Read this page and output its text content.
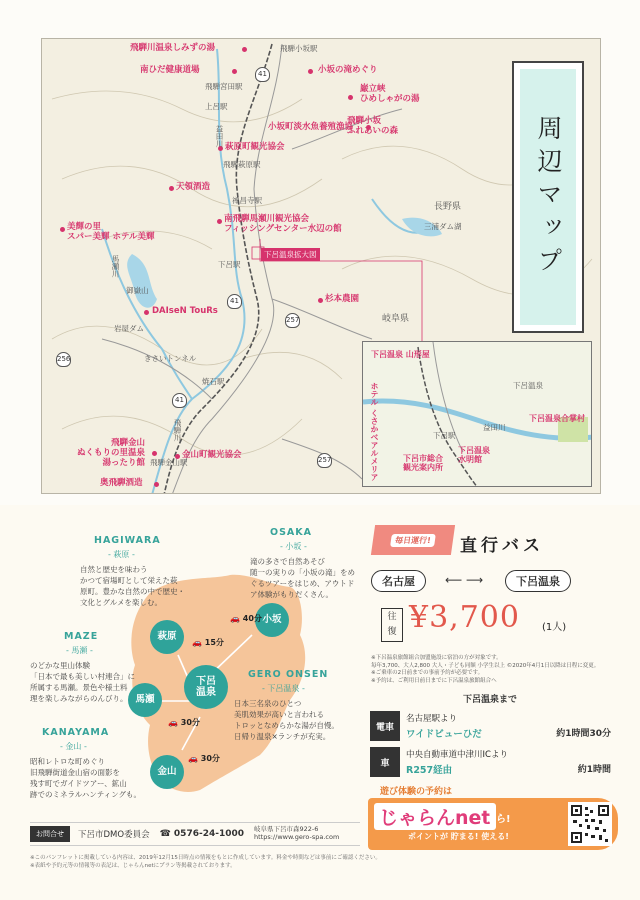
周辺マップ
飛騨川温泉しみずの湯
南ひだ健康道場	小坂の滝めぐり
巌立峡
ひめしゃがの湯
小坂町淡水魚養殖漁協
飛騨小坂
ふれあいの森
萩原町観光協会
天領酒造
南飛騨馬瀬川観光協会
フィッシングセンター水辺の館
美輝の里
スパー美輝 ホテル美輝
DAIseN TouRs
杉本農園
飛騨金山
ぬくもりの里温泉
湯ったり館
金山町観光協会
奥飛騨酒造
飛騨小坂駅
飛騨宮田駅
上呂駅
飛騨萩原駅
禅昌寺駅
下呂駅
焼石駅
飛騨金山駅
きさいトンネル
岩屋ダム
御嶽山
三浦ダム湖
長野県
岐阜県
益田川
馬瀬川
飛騨川
41
41
257
41
256
257
下呂温泉拡大図
下呂温泉 山形屋
下呂温泉合掌村
下呂市総合
観光案内所
下呂温泉
水明館
ホテル くさかべアルメリア	下呂駅
下呂温泉
益田川
HAGIWARA
- 萩原 -
自然と歴史を味わう
かつて宿場町として栄えた萩
原町。豊かな自然の中で歴史・
文化とグルメを楽しむ。
OSAKA
- 小坂 -
滝の多さで自然あそび
随一の実りの「小坂の滝」をめ
ぐるツアーをはじめ、アウトド
ア体験がもりだくさん。
MAZE
- 馬瀬 -
のどかな里山体験
「日本で最も美しい村連合」に
所属する馬瀬。景色や様土料
理を楽しみながらのんびり。
GERO ONSEN
- 下呂温泉 -
日本三名泉のひとつ
美肌効果が高いと言われる
トロッとなめらかな湯が自慢。
日帰り温泉×ランチが充実。
KANAYAMA
- 金山 -
昭和レトロな町めぐり
旧飛騨街道金山宿の面影を
残す町でガイドツアー、鉱山
跡でのミネラルハンティングも。
萩原
小坂
馬瀬
下呂
温泉
金山
🚗 40分
🚗 15分
🚗 30分
🚗 30分
お問合せ	下呂市DMO委員会 ☎ 0576-24-1000 岐阜県下呂市森922-6
https://www.gero-spa.com
※このパンフレットに掲載している内容は、2019年12月15日時点の情報をもとに作成しています。料金や時間などは事前にご確認ください。
※表紙や予約元等の情報等の表記は、じゃらんnetにプラン等掲載されております。
毎日運行! 直行バス
名古屋	⟵ ⟶	下呂温泉
往
復 ¥3,700 (1人)
※下呂温泉旅館組合加盟施設に宿泊の方が対象です。
毎年3,700、大人2,800 大人・子ども同額 小学生以上 ©2020年4月1日以降は日程に変更。
※ご乗車の2日前までの事前予約が必要です。
※予約は、ご利用日前日までに下呂温泉旅館組合へ
下呂温泉まで
電車
名古屋駅より
ワイドビューひだ	約1時間30分
車
中央自動車道中津川ICより
R257経由	約1時間
遊び体験の予約は
じゃらんnet
から!
ポイントが 貯まる! 使える!
